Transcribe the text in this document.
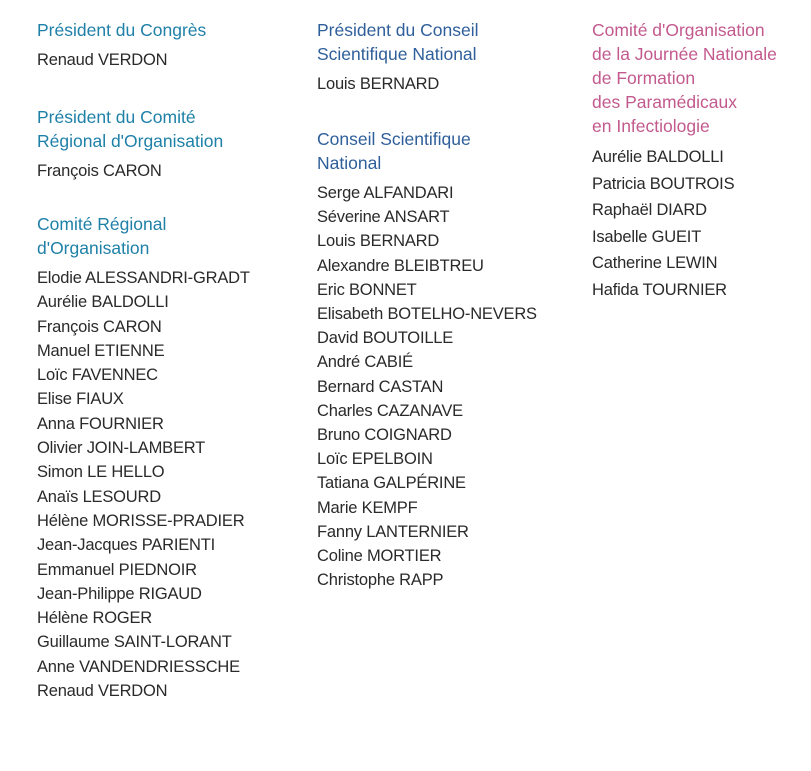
Président du Congrès
Renaud VERDON
Président du Comité
Régional d'Organisation
François CARON
Comité Régional
d'Organisation
Elodie ALESSANDRI-GRADT
Aurélie BALDOLLI
François CARON
Manuel ETIENNE
Loïc FAVENNEC
Elise FIAUX
Anna FOURNIER
Olivier JOIN-LAMBERT
Simon LE HELLO
Anaïs LESOURD
Hélène MORISSE-PRADIER
Jean-Jacques PARIENTI
Emmanuel PIEDNOIR
Jean-Philippe RIGAUD
Hélène ROGER
Guillaume SAINT-LORANT
Anne VANDENDRIESSCHE
Renaud VERDON
Président du Conseil
Scientifique National
Louis BERNARD
Conseil Scientifique
National
Serge ALFANDARI
Séverine ANSART
Louis BERNARD
Alexandre BLEIBTREU
Eric BONNET
Elisabeth BOTELHO-NEVERS
David BOUTOILLE
André CABIÉ
Bernard CASTAN
Charles CAZANAVE
Bruno COIGNARD
Loïc EPELBOIN
Tatiana GALPÉRINE
Marie KEMPF
Fanny LANTERNIER
Coline MORTIER
Christophe RAPP
Comité d'Organisation
de la Journée Nationale
de Formation
des Paramédicaux
en Infectiologie
Aurélie BALDOLLI
Patricia BOUTROIS
Raphaël DIARD
Isabelle GUEIT
Catherine LEWIN
Hafida TOURNIER
